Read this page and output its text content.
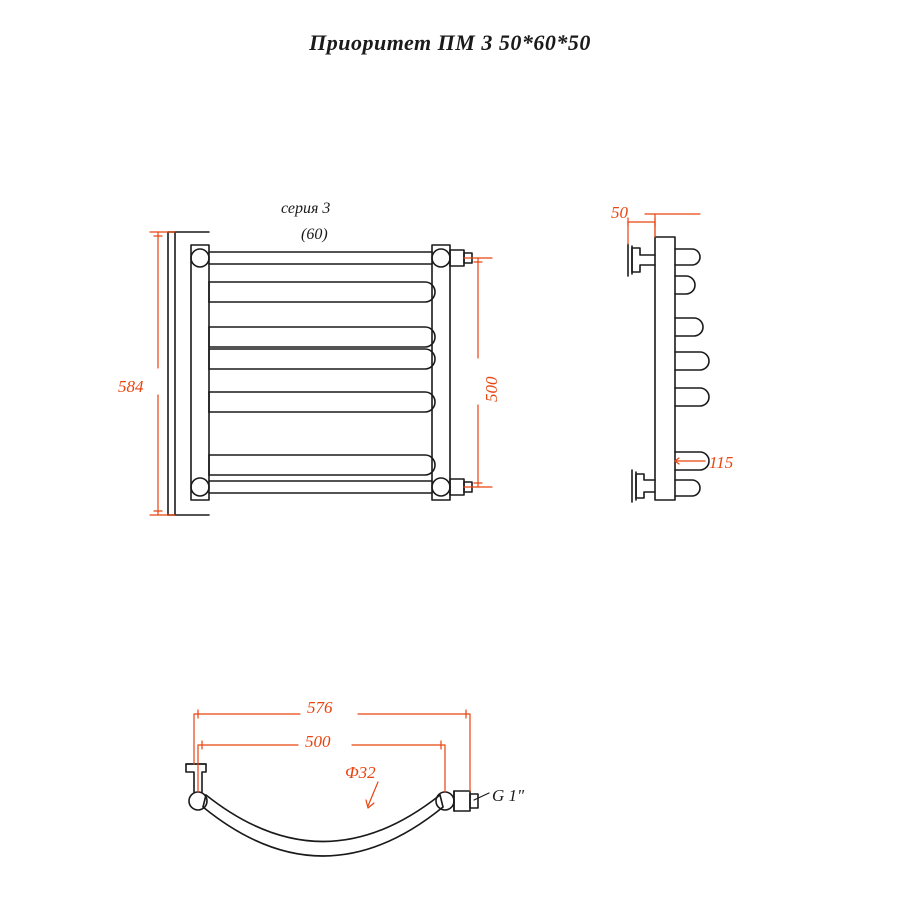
Приоритет ПМ 3 50*60*50
серия 3
(60)
584	500
50
115
576
500
Ф32
G 1"
